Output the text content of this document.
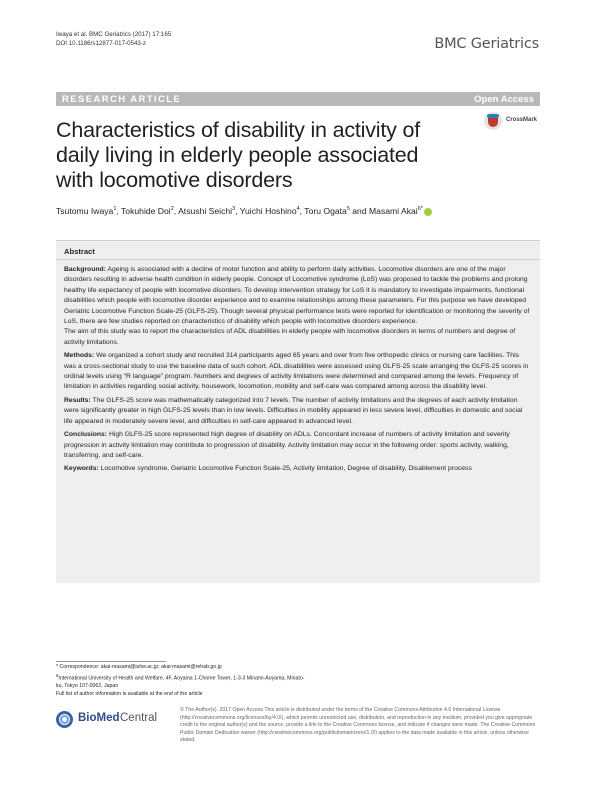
Iwaya et al. BMC Geriatrics (2017) 17:165
DOI 10.1186/s12877-017-0543-z	BMC Geriatrics
RESEARCH ARTICLE	Open Access
CrossMark
Characteristics of disability in activity of daily living in elderly people associated with locomotive disorders
Tsutomu Iwaya$^1$, Tokuhide Doi$^2$, Atsushi Seichi$^3$, Yuichi Hoshino$^4$, Toru Ogata$^5$ and Masami Akai$^{6*}$
Abstract

Background: Ageing is associated with a decline of motor function and ability to perform daily activities. Locomotive disorders are one of the major disorders resulting in adverse health condition in elderly people. Concept of Locomotive syndrome (LoS) was proposed to tackle the problems and prolong healthy life expectancy of people with locomotive disorders. To develop intervention strategy for LoS it is mandatory to investigate impairments, functional disabilities which people with locomotive disorder experience and to examine relationships among these parameters. For this purpose we have developed Geriatric Locomotive Function Scale-25 (GLFS-25). Though several physical performance tests were reported for identification or monitoring the severity of LoS, there are few studies reported on characteristics of disability which people with locomotive disorders experience.
The aim of this study was to report the characteristics of ADL disabilities in elderly people with locomotive disorders in terms of numbers and degree of activity limitations.

Methods: We organized a cohort study and recruited 314 participants aged 65 years and over from five orthopedic clinics or nursing care facilities. This was a cross-sectional study to use the baseline data of such cohort. ADL disabilities were assessed using GLFS-25 scale arranging the GLFS-25 scores in ordinal levels using “R language” program. Numbers and degrees of activity limitations were determined and compared among the levels. Frequency of limitation in activities regarding social activity, housework, locomotion, mobility and self-care was compared among across the disability level.

Results: The GLFS-25 score was mathematically categorized into 7 levels. The number of activity limitations and the degrees of each activity limitation were significantly greater in high GLFS-25 levels than in low levels. Difficulties in mobility appeared in less severe level, difficulties in domestic and social life appeared in moderately severe level, and difficulties in self-care appeared in advanced level.

Conclusions: High GLFS-25 score represented high degree of disability on ADLs. Concordant increase of numbers of activity limitation and severity progression in activity limitation may contribute to progression of disability. Activity limitation may occur in the following order: sports activity, walking, transferring, and self-care.

Keywords: Locomotive syndrome, Geriatric Locomotive Function Scale-25, Activity limitation, Degree of disability, Disablement process

* Correspondence: akai-masami@iuhw.ac.jp; akai-masami@rehab.go.jp

$^6$International University of Health and Welfare, 4F, Aoyama 1-Chome Tower, 1-3-3 Minami-Aoyama, Minato-ku, Tokyo 107-0062, Japan

Full list of author information is available at the end of the article

BioMed Central
© The Author(s). 2017 Open Access This article is distributed under the terms of the Creative Commons Attribution 4.0 International License (http://creativecommons.org/licenses/by/4.0/), which permits unrestricted use, distribution, and reproduction in any medium, provided you give appropriate credit to the original author(s) and the source, provide a link to the Creative Commons license, and indicate if changes were made. The Creative Commons Public Domain Dedication waiver (http://creativecommons.org/publicdomain/zero/1.0/) applies to the data made available in this article, unless otherwise stated.
